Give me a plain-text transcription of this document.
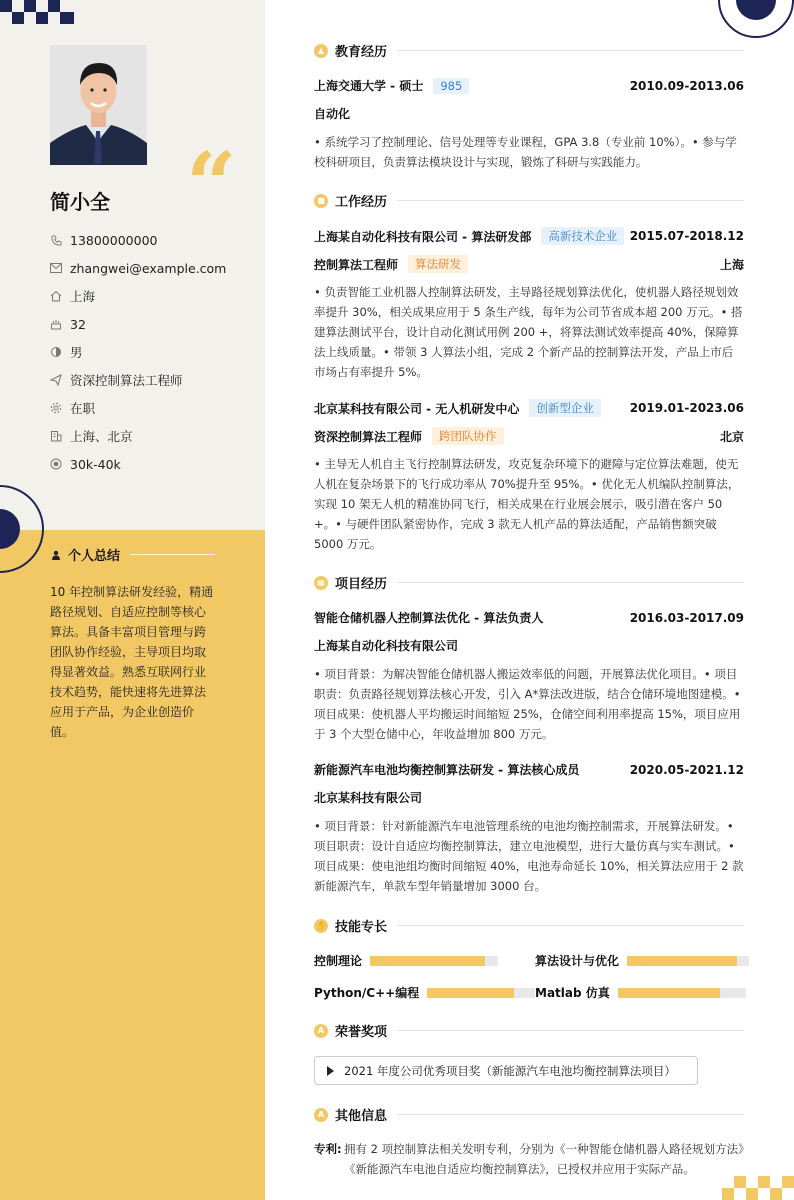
“
简小全
13800000000
zhangwei@example.com
上海
32
男
资深控制算法工程师
在职
上海、北京
30k-40k
个人总结
10 年控制算法研发经验，精通路径规划、自适应控制等核心算法。具备丰富项目管理与跨团队协作经验，主导项目均取得显著效益。熟悉互联网行业技术趋势，能快速将先进算法应用于产品，为企业创造价值。
▲ 教育经历
上海交通大学 - 硕士	985	2010.09-2013.06
自动化
• 系统学习了控制理论、信号处理等专业课程，GPA 3.8（专业前 10%）。• 参与学校科研项目，负责算法模块设计与实现，锻炼了科研与实践能力。
■ 工作经历
上海某自动化科技有限公司 - 算法研发部	高新技术企业	2015.07-2018.12
控制算法工程师	算法研发	上海
• 负责智能工业机器人控制算法研发，主导路径规划算法优化，使机器人路径规划效率提升 30%，相关成果应用于 5 条生产线，每年为公司节省成本超 200 万元。• 搭建算法测试平台，设计自动化测试用例 200 +，将算法测试效率提高 40%，保障算法上线质量。• 带领 3 人算法小组，完成 2 个新产品的控制算法开发，产品上市后市场占有率提升 5%。
北京某科技有限公司 - 无人机研发中心	创新型企业	2019.01-2023.06
资深控制算法工程师	跨团队协作	北京
• 主导无人机自主飞行控制算法研发，攻克复杂环境下的避障与定位算法难题，使无人机在复杂场景下的飞行成功率从 70%提升至 95%。• 优化无人机编队控制算法，实现 10 架无人机的精准协同飞行，相关成果在行业展会展示，吸引潜在客户 50 +。• 与硬件团队紧密协作，完成 3 款无人机产品的算法适配，产品销售额突破 5000 万元。
▦ 项目经历
智能仓储机器人控制算法优化 - 算法负责人	2016.03-2017.09
上海某自动化科技有限公司
• 项目背景：为解决智能仓储机器人搬运效率低的问题，开展算法优化项目。• 项目职责：负责路径规划算法核心开发，引入 A*算法改进版，结合仓储环境地图建模。• 项目成果：使机器人平均搬运时间缩短 25%，仓储空间利用率提高 15%，项目应用于 3 个大型仓储中心，年收益增加 800 万元。
新能源汽车电池均衡控制算法研发 - 算法核心成员	2020.05-2021.12
北京某科技有限公司
• 项目背景：针对新能源汽车电池管理系统的电池均衡控制需求，开展算法研发。• 项目职责：设计自适应均衡控制算法，建立电池模型，进行大量仿真与实车测试。• 项目成果：使电池组均衡时间缩短 40%，电池寿命延长 10%，相关算法应用于 2 款新能源汽车，单款车型年销量增加 3000 台。
✋ 技能专长
控制理论	算法设计与优化
Python/C++编程	Matlab 仿真
A 荣誉奖项
2021 年度公司优秀项目奖（新能源汽车电池均衡控制算法项目）
A 其他信息
专利: 拥有 2 项控制算法相关发明专利，分别为《一种智能仓储机器人路径规划方法》《新能源汽车电池自适应均衡控制算法》，已授权并应用于实际产品。
